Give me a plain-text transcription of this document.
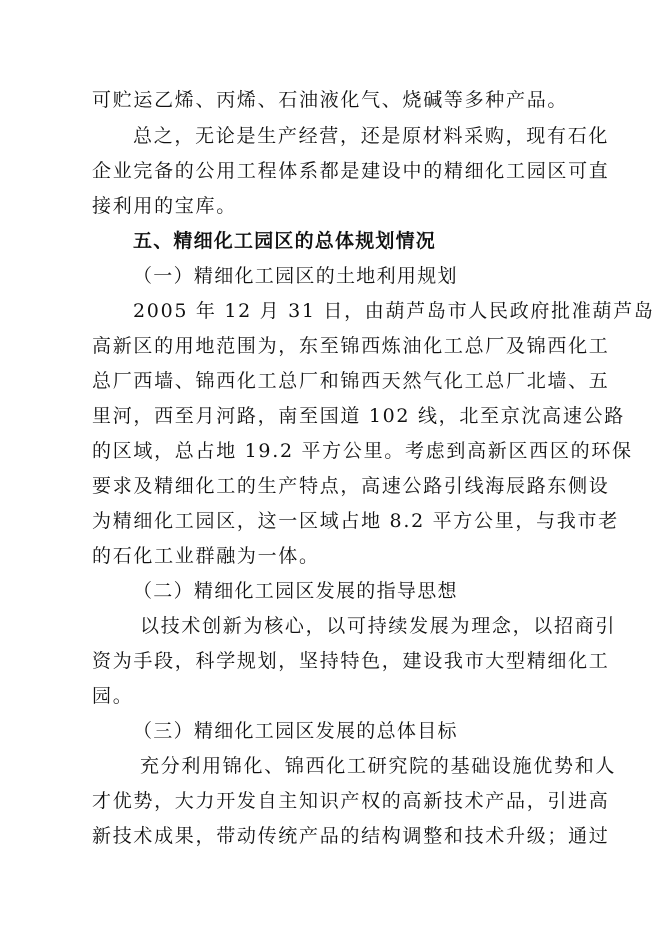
可贮运乙烯、丙烯、石油液化气、烧碱等多种产品。
总之，无论是生产经营，还是原材料采购，现有石化
企业完备的公用工程体系都是建设中的精细化工园区可直
接利用的宝库。
五、精细化工园区的总体规划情况
（一）精细化工园区的土地利用规划
2005 年 12 月 31 日，由葫芦岛市人民政府批准葫芦岛
高新区的用地范围为，东至锦西炼油化工总厂及锦西化工
总厂西墙、锦西化工总厂和锦西天然气化工总厂北墙、五
里河，西至月河路，南至国道 102 线，北至京沈高速公路
的区域，总占地 19.2 平方公里。考虑到高新区西区的环保
要求及精细化工的生产特点，高速公路引线海辰路东侧设
为精细化工园区，这一区域占地 8.2 平方公里，与我市老
的石化工业群融为一体。
（二）精细化工园区发展的指导思想
以技术创新为核心，以可持续发展为理念，以招商引
资为手段，科学规划，坚持特色，建设我市大型精细化工
园。
（三）精细化工园区发展的总体目标
充分利用锦化、锦西化工研究院的基础设施优势和人
才优势，大力开发自主知识产权的高新技术产品，引进高
新技术成果，带动传统产品的结构调整和技术升级；通过
